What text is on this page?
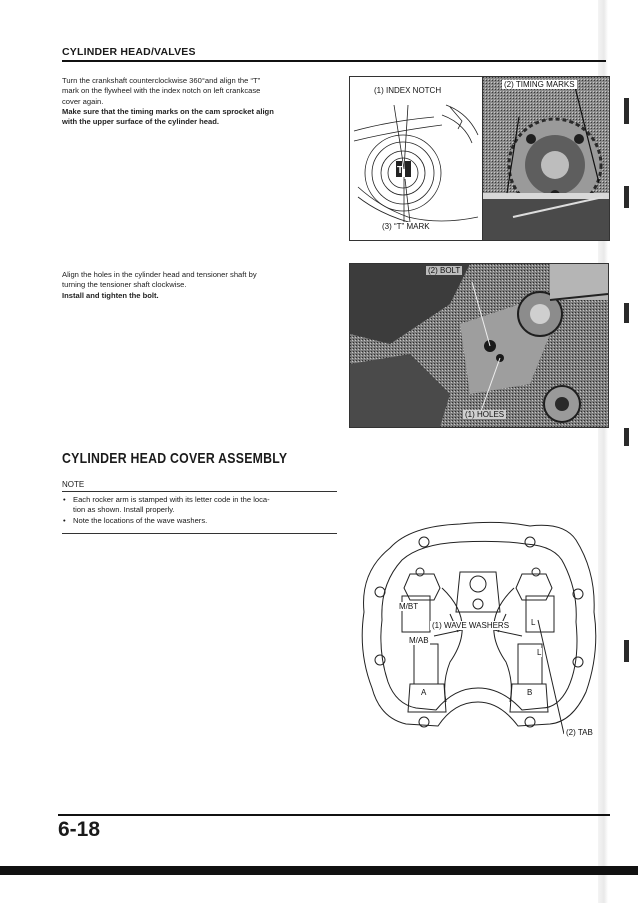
CYLINDER HEAD/VALVES
Turn the crankshaft counterclockwise 360°and align the “T”
mark on the flywheel with the index notch on left crankcase
cover again.
Make sure that the timing marks on the cam sprocket align
with the upper surface of the cylinder head.
T
(1) INDEX NOTCH
(3) “T” MARK
(2) TIMING MARKS
Align the holes in the cylinder head and tensioner shaft by
turning the tensioner shaft clockwise.
Install and tighten the bolt.
(2) BOLT
(1) HOLES
CYLINDER HEAD COVER ASSEMBLY
NOTE
• Each rocker arm is stamped with its letter code in the loca-
tion as shown. Install properly.
• Note the locations of the wave washers.
M/BT
M/AB
A	B
L
L
(1) WAVE WASHERS
(2) TAB
6-18
